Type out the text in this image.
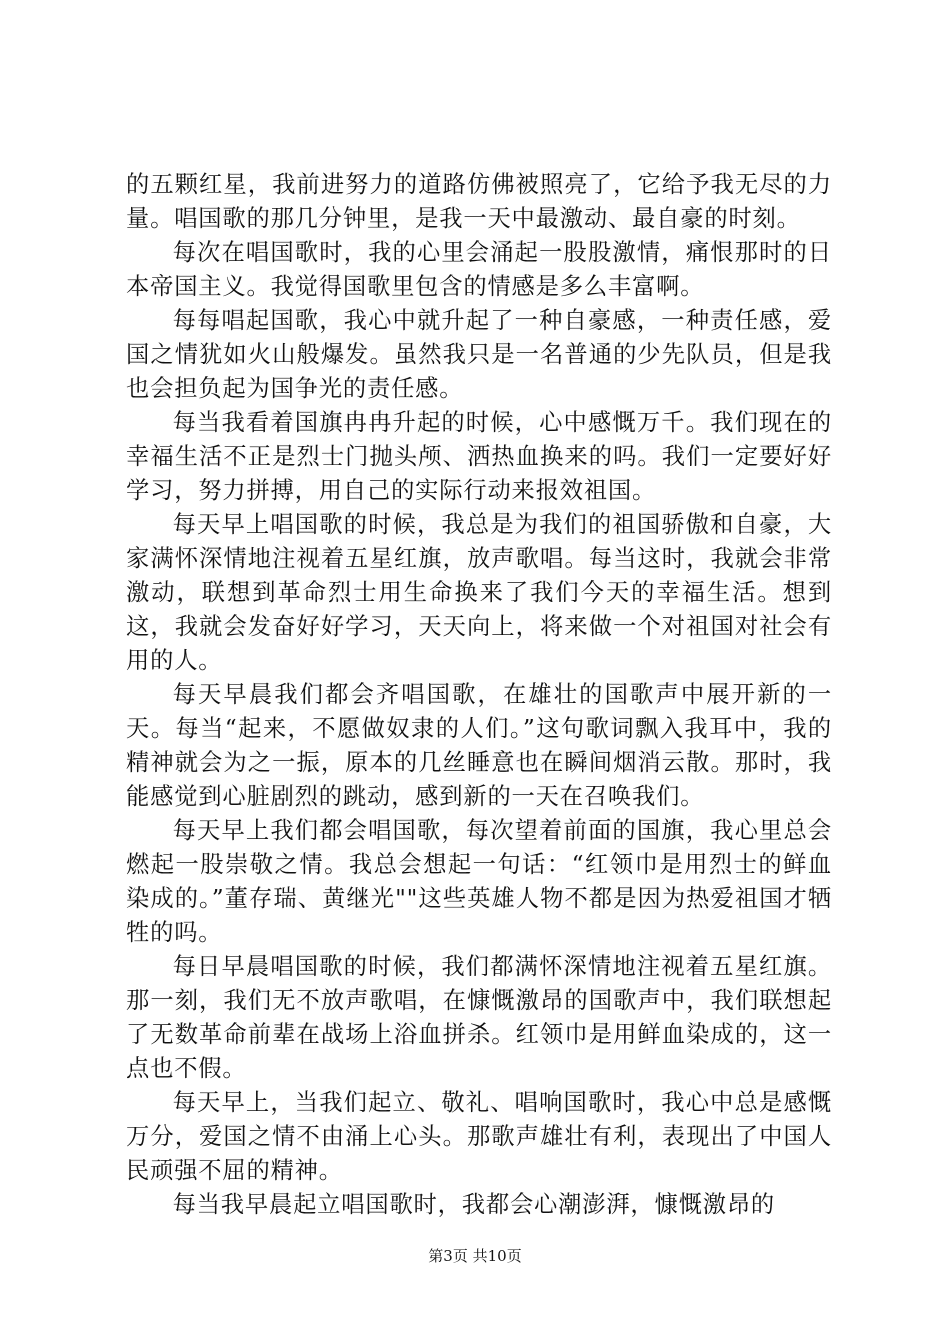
的五颗红星，我前进努力的道路仿佛被照亮了，它给予我无尽的力量。唱国歌的那几分钟里，是我一天中最激动、最自豪的时刻。

每次在唱国歌时，我的心里会涌起一股股激情，痛恨那时的日本帝国主义。我觉得国歌里包含的情感是多么丰富啊。

每每唱起国歌，我心中就升起了一种自豪感，一种责任感，爱国之情犹如火山般爆发。虽然我只是一名普通的少先队员，但是我也会担负起为国争光的责任感。

每当我看着国旗冉冉升起的时候，心中感慨万千。我们现在的幸福生活不正是烈士门抛头颅、洒热血换来的吗。我们一定要好好学习，努力拼搏，用自己的实际行动来报效祖国。

每天早上唱国歌的时候，我总是为我们的祖国骄傲和自豪，大家满怀深情地注视着五星红旗，放声歌唱。每当这时，我就会非常激动，联想到革命烈士用生命换来了我们今天的幸福生活。想到这，我就会发奋好好学习，天天向上，将来做一个对祖国对社会有用的人。

每天早晨我们都会齐唱国歌，在雄壮的国歌声中展开新的一天。每当“起来，不愿做奴隶的人们。”这句歌词飘入我耳中，我的精神就会为之一振，原本的几丝睡意也在瞬间烟消云散。那时，我能感觉到心脏剧烈的跳动，感到新的一天在召唤我们。

每天早上我们都会唱国歌，每次望着前面的国旗，我心里总会燃起一股崇敬之情。我总会想起一句话：“红领巾是用烈士的鲜血染成的。”董存瑞、黄继光""这些英雄人物不都是因为热爱祖国才牺牲的吗。

每日早晨唱国歌的时候，我们都满怀深情地注视着五星红旗。那一刻，我们无不放声歌唱，在慷慨激昂的国歌声中，我们联想起了无数革命前辈在战场上浴血拼杀。红领巾是用鲜血染成的，这一点也不假。

每天早上，当我们起立、敬礼、唱响国歌时，我心中总是感慨万分，爱国之情不由涌上心头。那歌声雄壮有利，表现出了中国人民顽强不屈的精神。

每当我早晨起立唱国歌时，我都会心潮澎湃，慷慨激昂的

第3页 共10页
